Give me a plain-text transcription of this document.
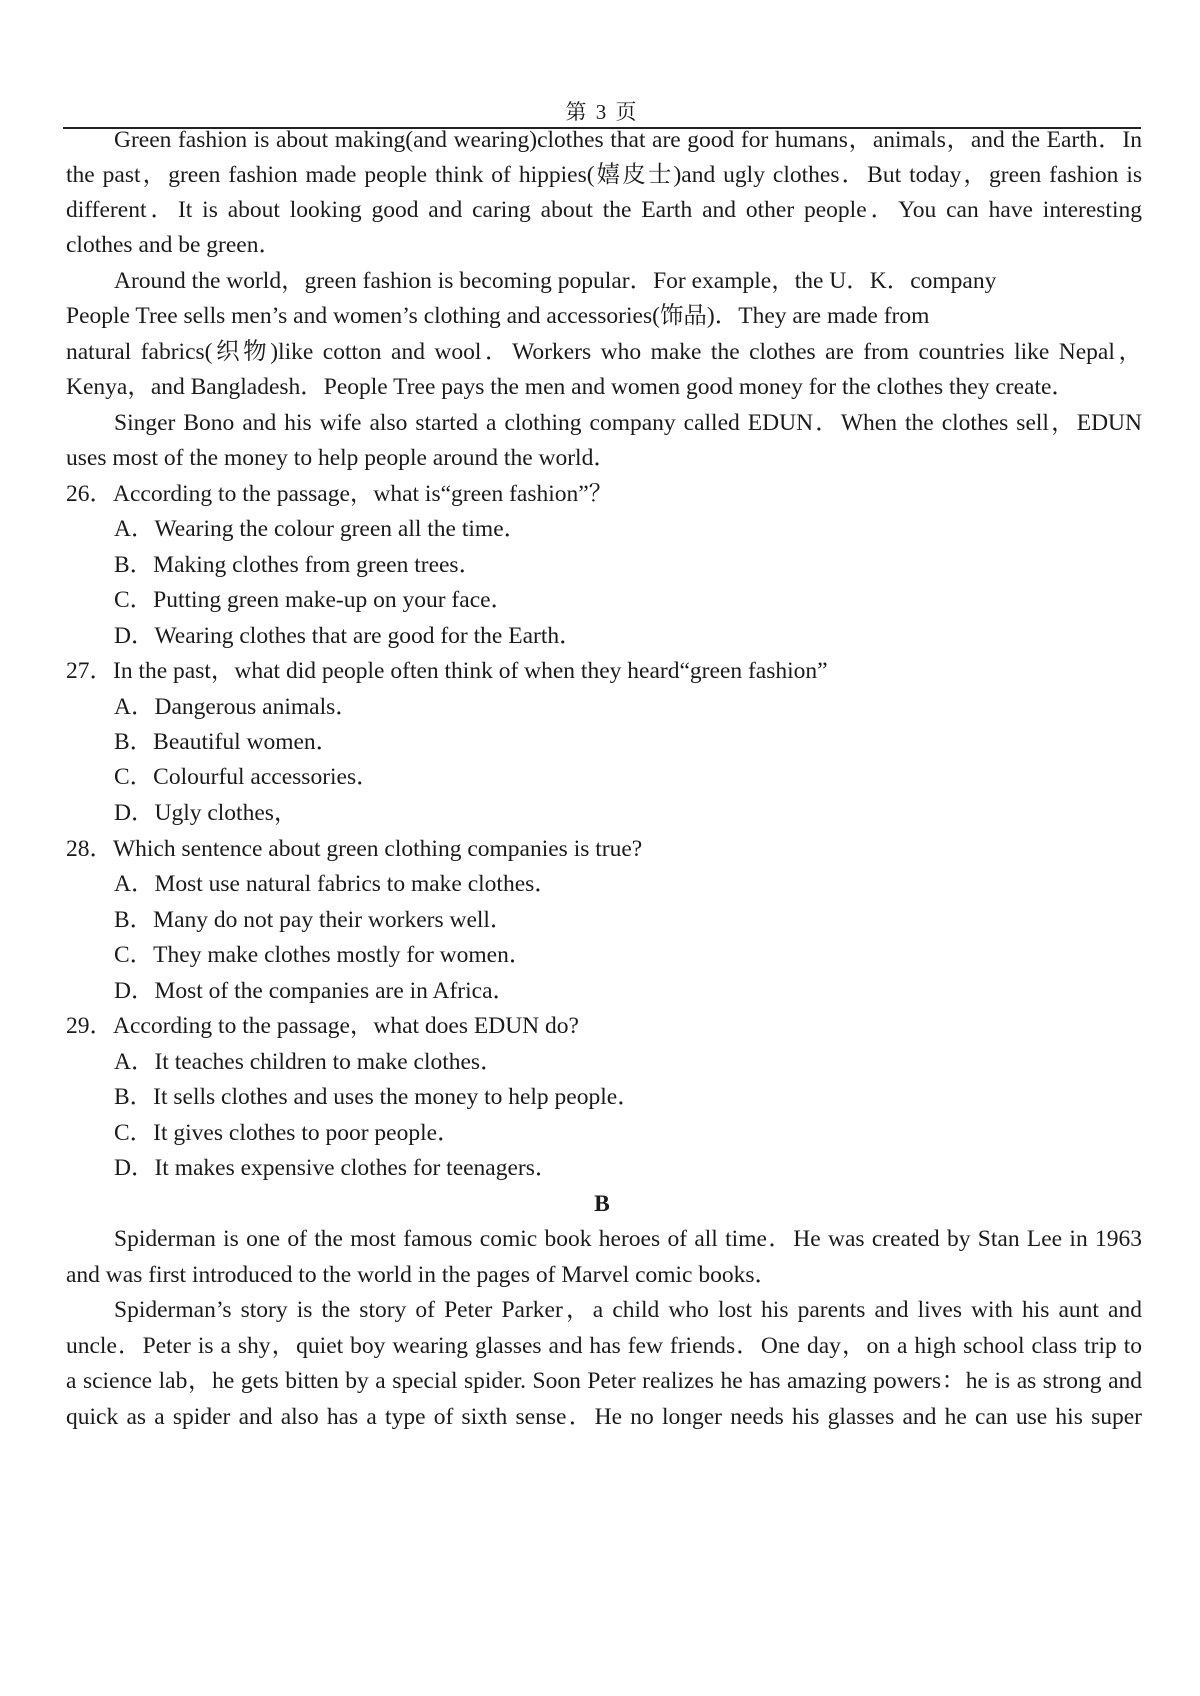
第 3 页
Green fashion is about making(and wearing)clothes that are good for humans，animals，and the Earth．In
the past，green fashion made people think of hippies(嬉皮士)and ugly clothes．But today，green fashion is
different．It is about looking good and caring about the Earth and other people．You can have interesting
clothes and be green．
Around the world，green fashion is becoming popular．For example，the U．K．company
People Tree sells men’s and women’s clothing and accessories(饰品)．They are made from
natural fabrics(织物)like cotton and wool．Workers who make the clothes are from countries like Nepal，
Kenya，and Bangladesh．People Tree pays the men and women good money for the clothes they create．
Singer Bono and his wife also started a clothing company called EDUN．When the clothes sell，EDUN
uses most of the money to help people around the world．
26．According to the passage，what is“green fashion”？
A．Wearing the colour green all the time．
B．Making clothes from green trees．
C．Putting green make-up on your face．
D．Wearing clothes that are good for the Earth．
27．In the past，what did people often think of when they heard“green fashion”
A．Dangerous animals．
B．Beautiful women．
C．Colourful accessories．
D．Ugly clothes，
28．Which sentence about green clothing companies is true?
A．Most use natural fabrics to make clothes．
B．Many do not pay their workers well．
C．They make clothes mostly for women．
D．Most of the companies are in Africa．
29．According to the passage，what does EDUN do?
A．It teaches children to make clothes．
B．It sells clothes and uses the money to help people．
C．It gives clothes to poor people．
D．It makes expensive clothes for teenagers．
B
Spiderman is one of the most famous comic book heroes of all time．He was created by Stan Lee in 1963
and was first introduced to the world in the pages of Marvel comic books．
Spiderman’s story is the story of Peter Parker，a child who lost his parents and lives with his aunt and
uncle．Peter is a shy，quiet boy wearing glasses and has few friends．One day，on a high school class trip to
a science lab，he gets bitten by a special spider. Soon Peter realizes he has amazing powers：he is as strong and
quick as a spider and also has a type of sixth sense．He no longer needs his glasses and he can use his super
